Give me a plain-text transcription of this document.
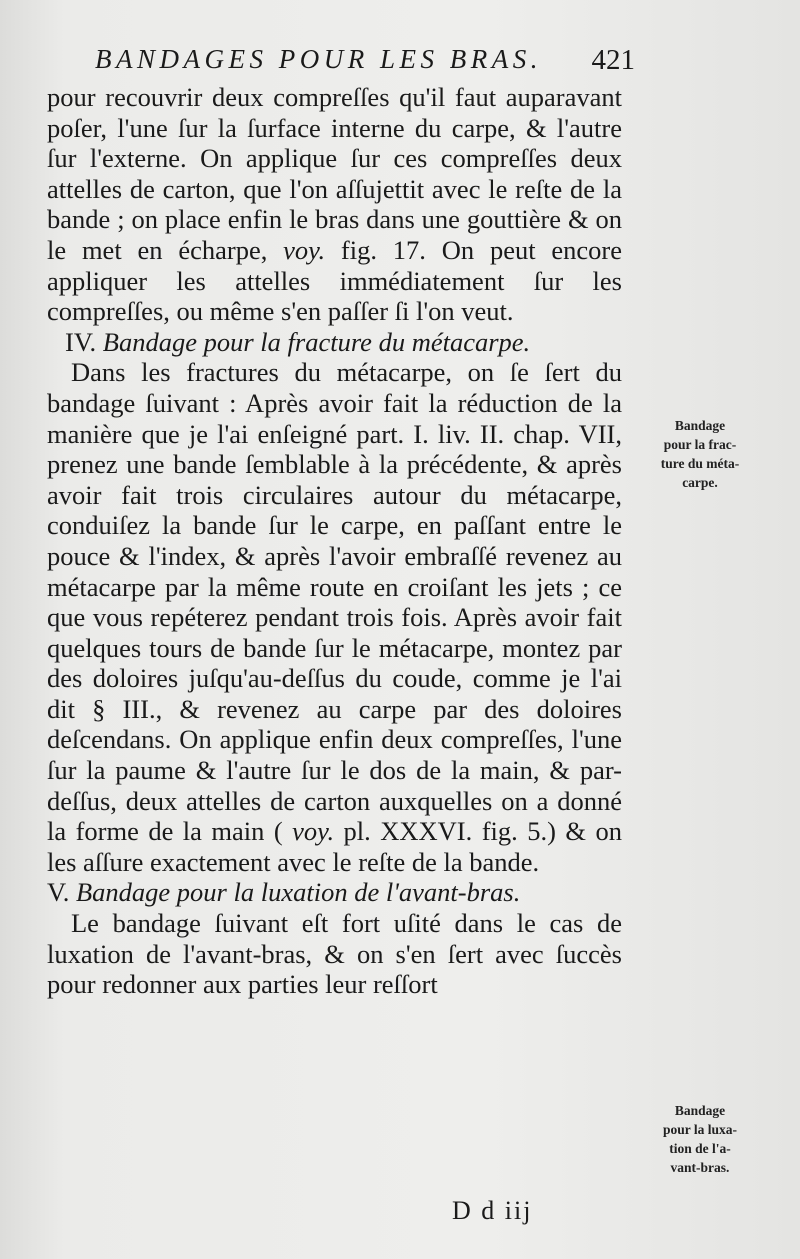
BANDAGES POUR LES BRAS. 421

pour recouvrir deux compreſſes qu'il faut auparavant poſer, l'une ſur la ſurface interne du carpe, & l'autre ſur l'externe. On applique ſur ces compreſſes deux attelles de carton, que l'on aſſujettit avec le reſte de la bande ; on place enfin le bras dans une gouttière & on le met en écharpe, voy. fig. 17. On peut encore appliquer les attelles immédiatement ſur les compreſſes, ou même s'en paſſer ſi l'on veut.

IV. Bandage pour la fracture du métacarpe.

Dans les fractures du métacarpe, on ſe ſert du bandage ſuivant : Après avoir fait la réduction de la manière que je l'ai enſeigné part. I. liv. II. chap. VII, prenez une bande ſemblable à la précédente, & après avoir fait trois circulaires autour du métacarpe, conduiſez la bande ſur le carpe, en paſſant entre le pouce & l'index, & après l'avoir embraſſé revenez au métacarpe par la même route en croiſant les jets ; ce que vous repéterez pendant trois fois. Après avoir fait quelques tours de bande ſur le métacarpe, montez par des doloires juſqu'au-deſſus du coude, comme je l'ai dit § III., & revenez au carpe par des doloires deſcendans. On applique enfin deux compreſſes, l'une ſur la paume & l'autre ſur le dos de la main, & par-deſſus, deux attelles de carton auxquelles on a donné la forme de la main ( voy. pl. XXXVI. fig. 5.) & on les aſſure exactement avec le reſte de la bande.

V. Bandage pour la luxation de l'avant-bras.

Le bandage ſuivant eſt fort uſité dans le cas de luxation de l'avant-bras, & on s'en ſert avec ſuccès pour redonner aux parties leur reſſort

Bandage
pour la frac-
ture du méta-
carpe.
Bandage
pour la luxa-
tion de l'a-
vant-bras.
D d iij
